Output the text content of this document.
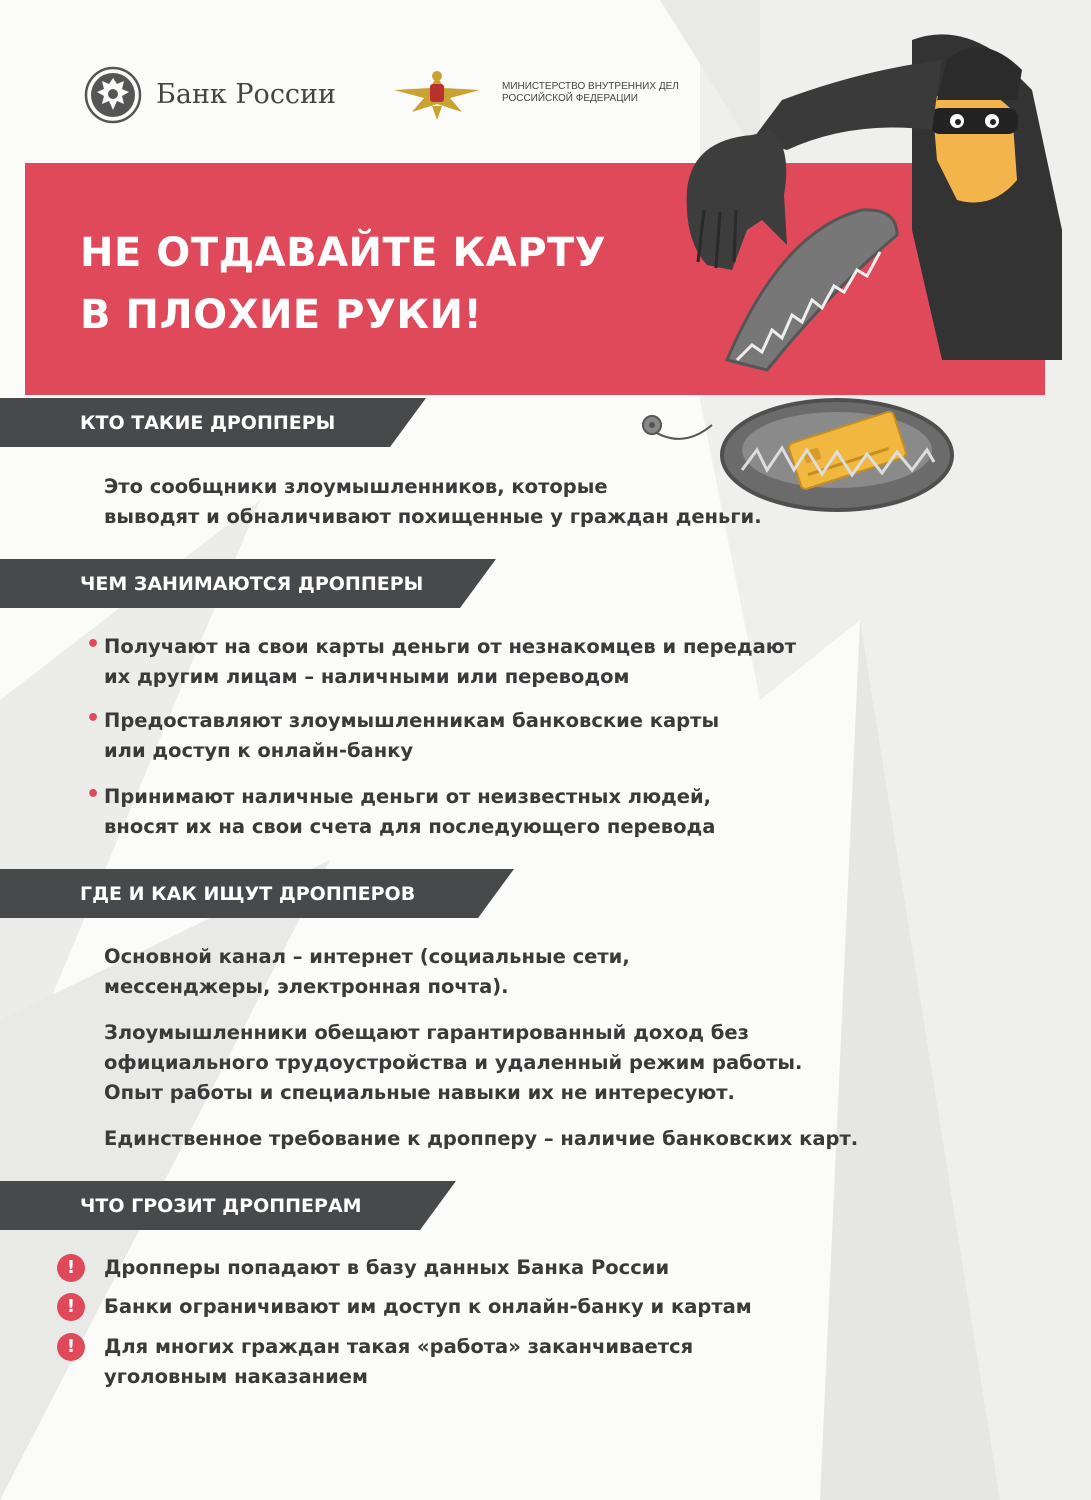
Банк России	МИНИСТЕРСТВО ВНУТРЕННИХ ДЕЛ
РОССИЙСКОЙ ФЕДЕРАЦИИ
НЕ ОТДАВАЙТЕ КАРТУ
В ПЛОХИЕ РУКИ!
КТО ТАКИЕ ДРОППЕРЫ

Это сообщники злоумышленников, которые
выводят и обналичивают похищенные у граждан деньги.

ЧЕМ ЗАНИМАЮТСЯ ДРОППЕРЫ
• Получают на свои карты деньги от незнакомцев и передают
их другим лицам – наличными или переводом

• Предоставляют злоумышленникам банковские карты
или доступ к онлайн-банку

• Принимают наличные деньги от неизвестных людей,
вносят их на свои счета для последующего перевода

ГДЕ И КАК ИЩУТ ДРОППЕРОВ

Основной канал – интернет (социальные сети,
мессенджеры, электронная почта).

Злоумышленники обещают гарантированный доход без
официального трудоустройства и удаленный режим работы.
Опыт работы и специальные навыки их не интересуют.

Единственное требование к дропперу – наличие банковских карт.

ЧТО ГРОЗИТ ДРОППЕРАМ
!	Дропперы попадают в базу данных Банка России

!	Банки ограничивают им доступ к онлайн-банку и картам

!	Для многих граждан такая «работа» заканчивается
уголовным наказанием
